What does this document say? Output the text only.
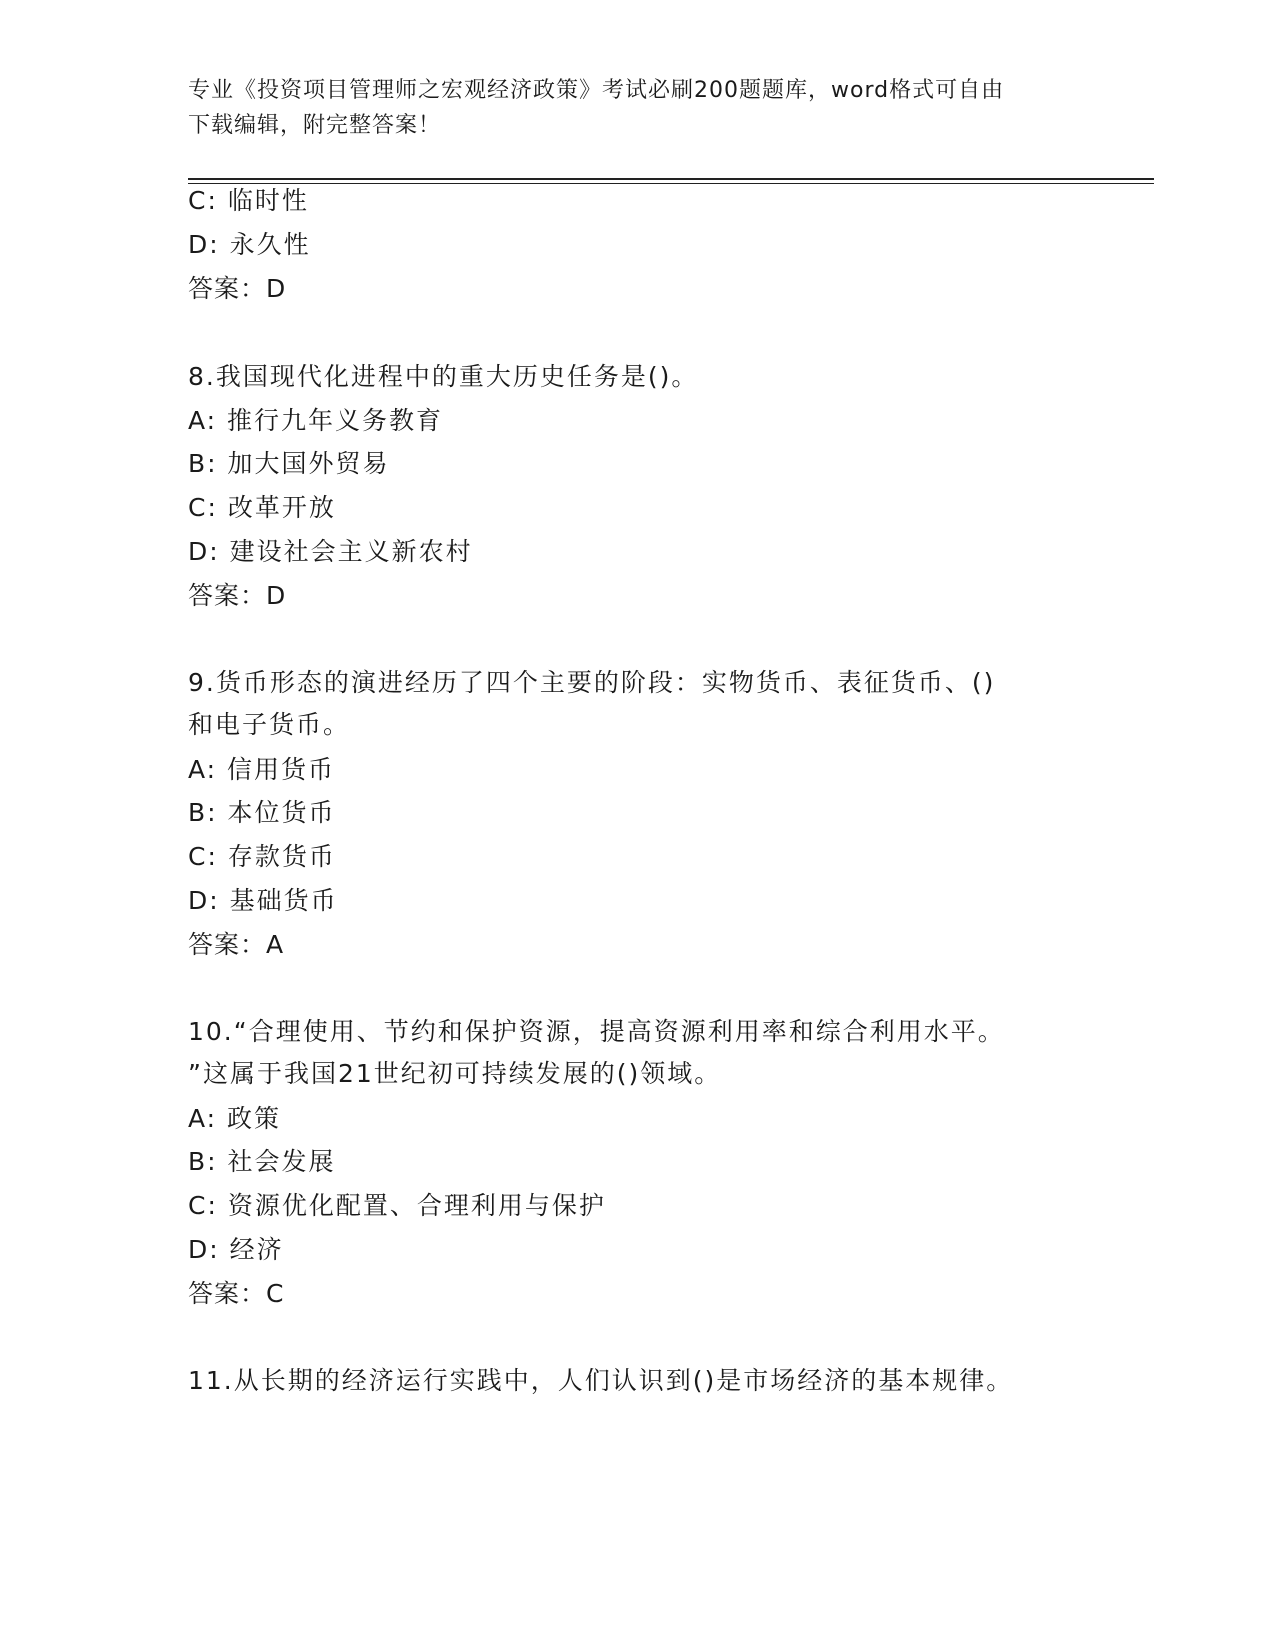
专业《投资项目管理师之宏观经济政策》考试必刷200题题库，word格式可自由
下载编辑，附完整答案！
C: 临时性
D: 永久性
答案：D
8.我国现代化进程中的重大历史任务是()。
A: 推行九年义务教育
B: 加大国外贸易
C: 改革开放
D: 建设社会主义新农村
答案：D
9.货币形态的演进经历了四个主要的阶段：实物货币、表征货币、()
和电子货币。
A: 信用货币
B: 本位货币
C: 存款货币
D: 基础货币
答案：A
10.“合理使用、节约和保护资源，提高资源利用率和综合利用水平。
”这属于我国21世纪初可持续发展的()领域。
A: 政策
B: 社会发展
C: 资源优化配置、合理利用与保护
D: 经济
答案：C
11.从长期的经济运行实践中，人们认识到()是市场经济的基本规律。
